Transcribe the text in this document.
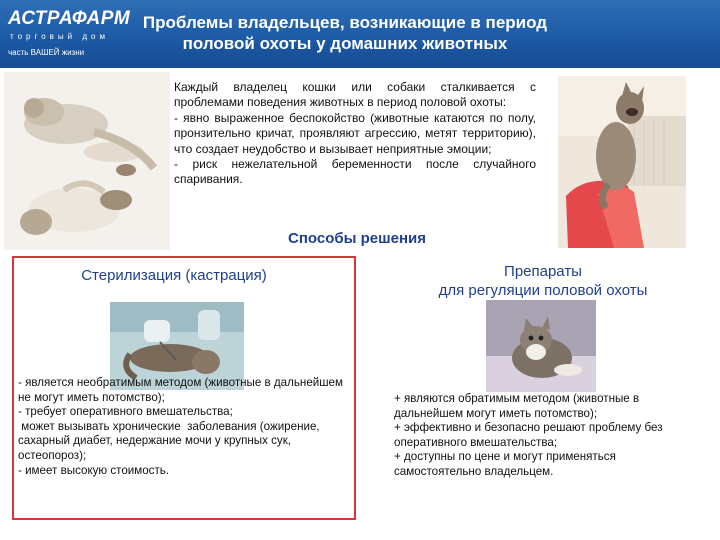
АСТРАФАРМ
торговый дом
часть ВАШЕЙ жизни
Проблемы владельцев, возникающие в период
половой охоты у домашних животных
© Softdeals.ru

Каждый владелец кошки или собаки сталкивается с проблемами поведения животных в период половой охоты:

- явно выраженное беспокойство (животные катаются по полу, пронзительно кричат, проявляют агрессию, метят территорию), что создает неудобство и вызывает неприятные эмоции;

- риск нежелательной беременности после случайного спаривания.

Способы решения
Стерилизация (кастрация)
- является необратимым методом (животные в дальнейшем не могут иметь потомство);
- требует оперативного вмешательства;
может вызывать хронические  заболевания (ожирение, сахарный диабет, недержание мочи у крупных сук, остеопороз);
- имеет высокую стоимость.
Препараты
для регуляции половой охоты
+ являются обратимым методом (животные в дальнейшем могут иметь потомство);
+ эффективно и безопасно решают проблему без оперативного вмешательства;
+ доступны по цене и могут применяться самостоятельно владельцем.
